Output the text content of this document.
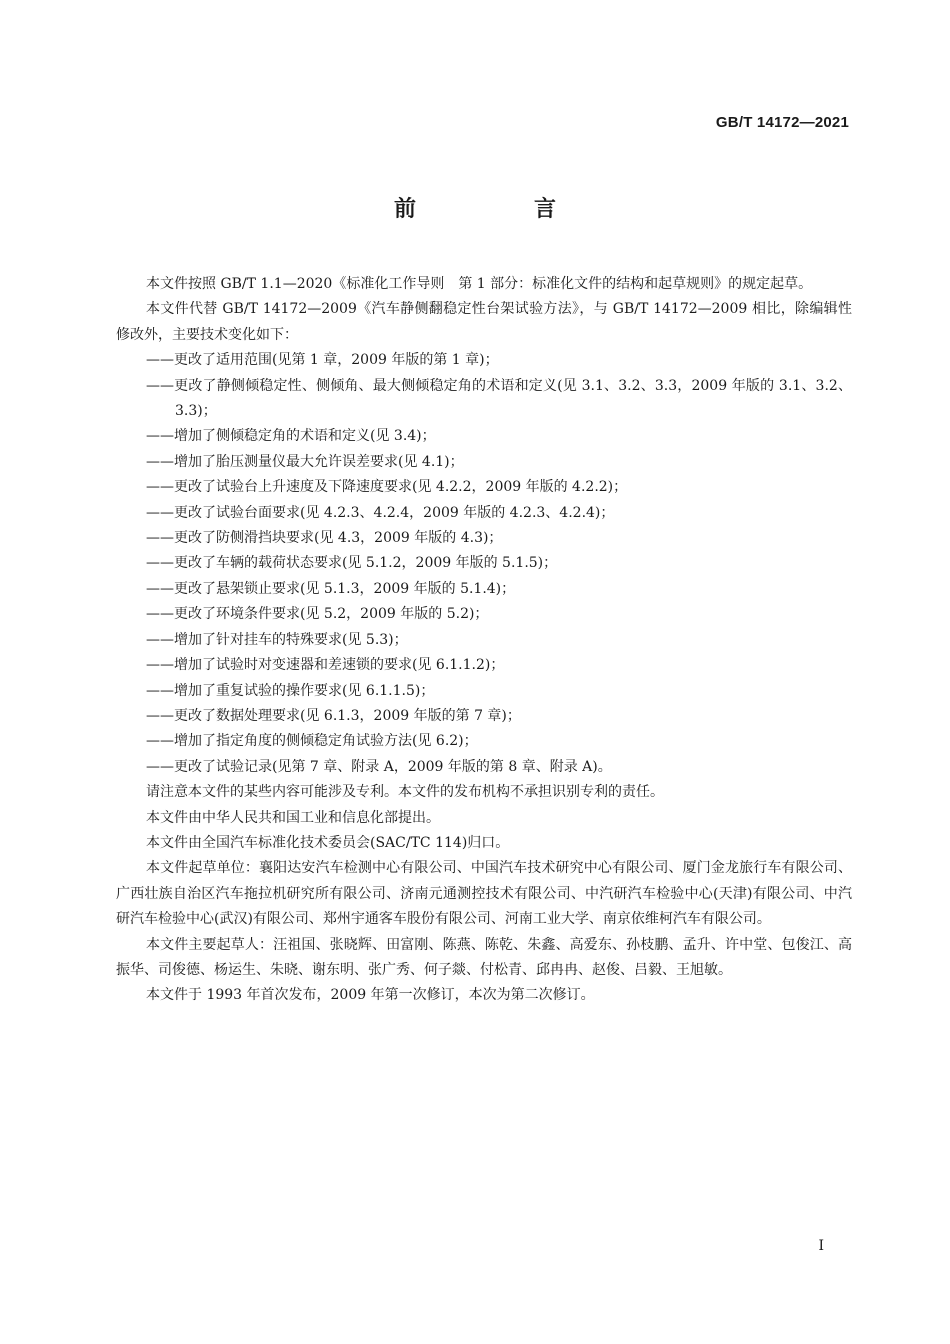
GB/T 14172—2021
前　言

本文件按照 GB/T 1.1—2020《标准化工作导则　第 1 部分：标准化文件的结构和起草规则》的规定起草。

本文件代替 GB/T 14172—2009《汽车静侧翻稳定性台架试验方法》，与 GB/T 14172—2009 相比，除编辑性修改外，主要技术变化如下：

——更改了适用范围(见第 1 章，2009 年版的第 1 章)；

——更改了静侧倾稳定性、侧倾角、最大侧倾稳定角的术语和定义(见 3.1、3.2、3.3，2009 年版的 3.1、3.2、3.3)；

——增加了侧倾稳定角的术语和定义(见 3.4)；

——增加了胎压测量仪最大允许误差要求(见 4.1)；

——更改了试验台上升速度及下降速度要求(见 4.2.2，2009 年版的 4.2.2)；

——更改了试验台面要求(见 4.2.3、4.2.4，2009 年版的 4.2.3、4.2.4)；

——更改了防侧滑挡块要求(见 4.3，2009 年版的 4.3)；

——更改了车辆的载荷状态要求(见 5.1.2，2009 年版的 5.1.5)；

——更改了悬架锁止要求(见 5.1.3，2009 年版的 5.1.4)；

——更改了环境条件要求(见 5.2，2009 年版的 5.2)；

——增加了针对挂车的特殊要求(见 5.3)；

——增加了试验时对变速器和差速锁的要求(见 6.1.1.2)；

——增加了重复试验的操作要求(见 6.1.1.5)；

——更改了数据处理要求(见 6.1.3，2009 年版的第 7 章)；

——增加了指定角度的侧倾稳定角试验方法(见 6.2)；

——更改了试验记录(见第 7 章、附录 A，2009 年版的第 8 章、附录 A)。

请注意本文件的某些内容可能涉及专利。本文件的发布机构不承担识别专利的责任。

本文件由中华人民共和国工业和信息化部提出。

本文件由全国汽车标准化技术委员会(SAC/TC 114)归口。

本文件起草单位：襄阳达安汽车检测中心有限公司、中国汽车技术研究中心有限公司、厦门金龙旅行车有限公司、广西壮族自治区汽车拖拉机研究所有限公司、济南元通测控技术有限公司、中汽研汽车检验中心(天津)有限公司、中汽研汽车检验中心(武汉)有限公司、郑州宇通客车股份有限公司、河南工业大学、南京依维柯汽车有限公司。

本文件主要起草人：汪祖国、张晓辉、田富刚、陈燕、陈乾、朱鑫、高爱东、孙枝鹏、孟升、许中堂、包俊江、高振华、司俊德、杨运生、朱晓、谢东明、张广秀、何子燚、付松青、邱冉冉、赵俊、吕毅、王旭敏。

本文件于 1993 年首次发布，2009 年第一次修订，本次为第二次修订。

Ⅰ
